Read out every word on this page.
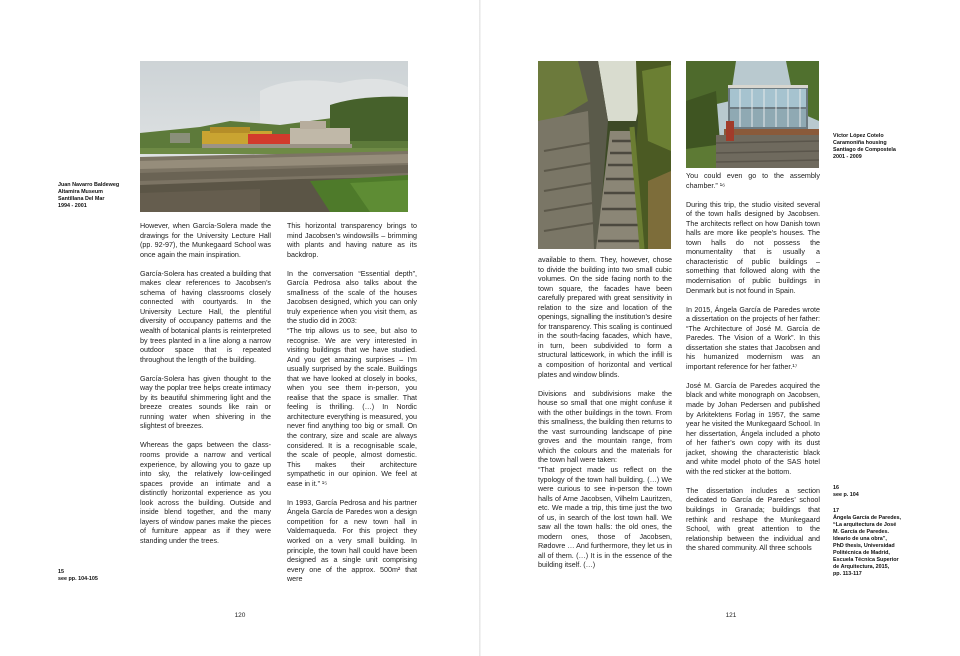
Juan Navarro Baldeweg
Altamira Museum
Santillana Del Mar
1994 - 2001

However, when García-Solera made the drawings for the University Lecture Hall (pp. 92-97), the Munkegaard School was once again the main inspiration.

García-Solera has created a building that makes clear references to Jacobsen’s schema of having classrooms closely connected with courtyards. In the University Lecture Hall, the plentiful diversity of occupancy patterns and the wealth of botanical plants is reinterpreted by trees planted in a line along a narrow outdoor space that is repeated throughout the length of the building.

García-Solera has given thought to the way the poplar tree helps create intimacy by its beautiful shimmering light and the breeze creates sounds like rain or running water when shivering in the slightest of breezes.

Whereas the gaps between the class-rooms provide a narrow and vertical experience, by allowing you to gaze up into sky, the relatively low-ceilinged spaces provide an intimate and a distinctly horizontal experience as you look across the building. Outside and inside blend together, and the many layers of window panes make the pieces of furniture appear as if they were standing under the trees.

This horizontal transparency brings to mind Jacobsen’s windowsills – brimming with plants and having nature as its backdrop.

In the conversation “Essential depth”, García Pedrosa also talks about the smallness of the scale of the houses Jacobsen designed, which you can only truly experience when you visit them, as the studio did in 2003:

“The trip allows us to see, but also to recognise. We are very interested in visiting buildings that we have studied. And you get amazing surprises – I’m usually surprised by the scale. Buildings that we have looked at closely in books, when you see them in-person, you realise that the space is smaller. That feeling is thrilling. (…) In Nordic architecture everything is measured, you never find anything too big or small. On the contrary, size and scale are always considered. It is a recognisable scale, the scale of people, almost domestic. This makes their architecture sympathetic in our opinion. We feel at ease in it.” ¹⁵

In 1993, García Pedrosa and his partner Ángela García de Paredes won a design competition for a new town hall in Valdemaqueda. For this project they worked on a very small building. In principle, the town hall could have been designed as a single unit comprising every one of the approx. 500m² that were

15
see pp. 104-105
120
Víctor López Cotelo
Caramoniña housing
Santiago de Compostela
2001 - 2009

available to them. They, however, chose to divide the building into two small cubic volumes. On the side facing north to the town square, the facades have been carefully prepared with great sensitivity in relation to the size and location of the openings, signalling the institution’s desire for transparency. This scaling is continued in the south-facing facades, which have, in turn, been subdivided to form a structural latticework, in which the infill is a composition of horizontal and vertical plates and window blinds.

Divisions and subdivisions make the house so small that one might confuse it with the other buildings in the town. From this smallness, the building then returns to the vast surrounding landscape of pine groves and the mountain range, from which the colours and the materials for the town hall were taken:

“That project made us reflect on the typology of the town hall building. (…) We were curious to see in-person the town halls of Arne Jacobsen, Vilhelm Lauritzen, etc. We made a trip, this time just the two of us, in search of the lost town hall. We saw all the town halls: the old ones, the modern ones, those of Jacobsen, Rødovre … And furthermore, they let us in all of them. (…) It is in the essence of the building itself. (…)

You could even go to the assembly chamber.” ¹⁶

During this trip, the studio visited several of the town halls designed by Jacobsen. The architects reflect on how Danish town halls are more like people’s houses. The town halls do not possess the monumentality that is usually a characteristic of public buildings – something that followed along with the modernisation of public buildings in Denmark but is not found in Spain.

In 2015, Ángela García de Paredes wrote a dissertation on the projects of her father: “The Architecture of José M. García de Paredes. The Vision of a Work”. In this dissertation she states that Jacobsen and his humanized modernism was an important reference for her father.¹⁷

José M. García de Paredes acquired the black and white monograph on Jacobsen, made by Johan Pedersen and published by Arkitektens Forlag in 1957, the same year he visited the Munkegaard School. In her dissertation, Ángela included a photo of her father’s own copy with its dust jacket, showing the characteristic black and white model photo of the SAS hotel with the red sticker at the bottom.

The dissertation includes a section dedicated to García de Paredes’ school buildings in Granada; buildings that rethink and reshape the Munkegaard School, with great attention to the relationship between the individual and the shared community. All three schools

16
see p. 104
17
Ángela García de Paredes,
“La arquitectura de José
M. García de Paredes.
Ideario de una obra”,
PhD thesis, Universidad
Politécnica de Madrid,
Escuela Técnica Superior
de Arquitectura, 2015,
pp. 113-117
121
